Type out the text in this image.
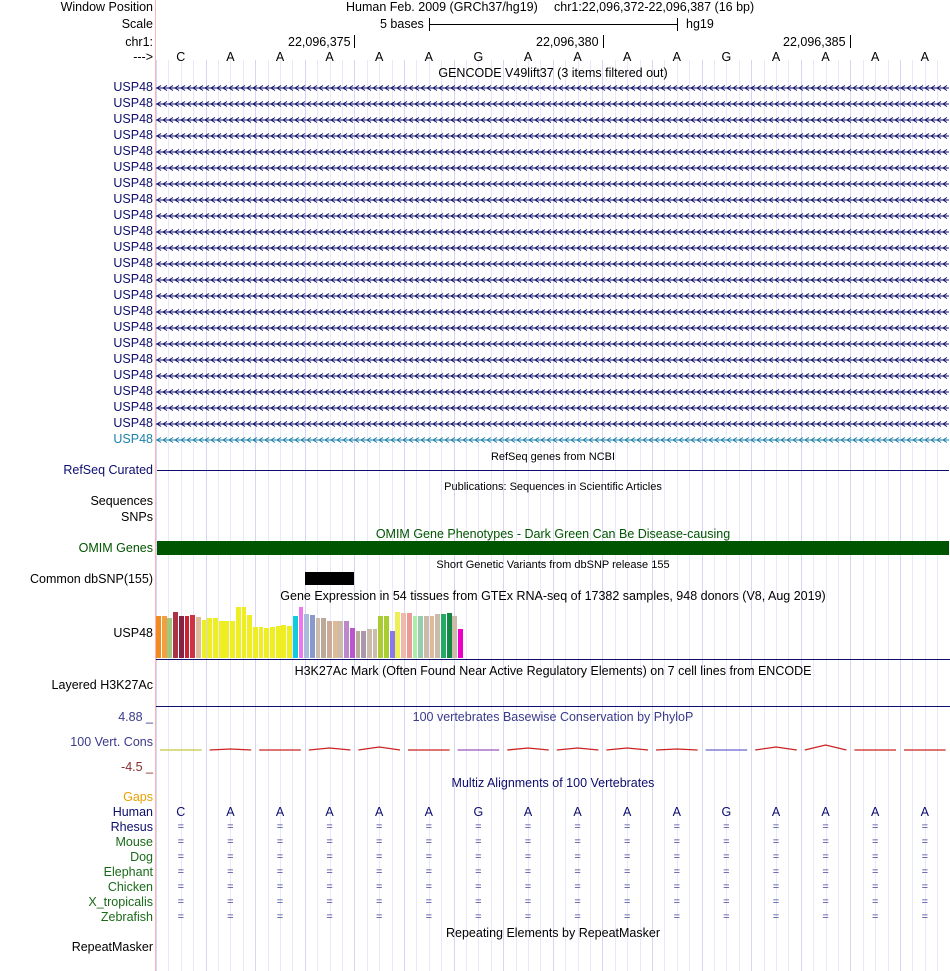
Window Position	Human Feb. 2009 (GRCh37/hg19) chr1:22,096,372-22,096,387 (16 bp)
Scale	5 bases	hg19
chr1:	22,096,375	22,096,380	22,096,385
--->	C	A	A	A	A	A	G	A	A	A	A	G	A	A	A	A
GENCODE V49lift37 (3 items filtered out)
USP48
USP48
USP48
USP48
USP48
USP48
USP48
USP48
USP48
USP48
USP48
USP48
USP48
USP48
USP48
USP48
USP48
USP48
USP48
USP48
USP48
USP48
USP48
RefSeq genes from NCBI
RefSeq Curated
Publications: Sequences in Scientific Articles
Sequences
SNPs
OMIM Gene Phenotypes - Dark Green Can Be Disease-causing
OMIM Genes
Short Genetic Variants from dbSNP release 155
Common dbSNP(155)
Gene Expression in 54 tissues from GTEx RNA-seq of 17382 samples, 948 donors (V8, Aug 2019)
USP48
H3K27Ac Mark (Often Found Near Active Regulatory Elements) on 7 cell lines from ENCODE
Layered H3K27Ac
100 vertebrates Basewise Conservation by PhyloP
4.88 _
100 Vert. Cons
-4.5 _
Multiz Alignments of 100 Vertebrates
Gaps
Human	C	A	A	A	A	A	G	A	A	A	A	G	A	A	A	A
Rhesus	=	=	=	=	=	=	=	=	=	=	=	=	=	=	=	=
Mouse	=	=	=	=	=	=	=	=	=	=	=	=	=	=	=	=
Dog	=	=	=	=	=	=	=	=	=	=	=	=	=	=	=	=
Elephant	=	=	=	=	=	=	=	=	=	=	=	=	=	=	=	=
Chicken	=	=	=	=	=	=	=	=	=	=	=	=	=	=	=	=
X_tropicalis	=	=	=	=	=	=	=	=	=	=	=	=	=	=	=	=
Zebrafish	=	=	=	=	=	=	=	=	=	=	=	=	=	=	=	=
Repeating Elements by RepeatMasker
RepeatMasker
